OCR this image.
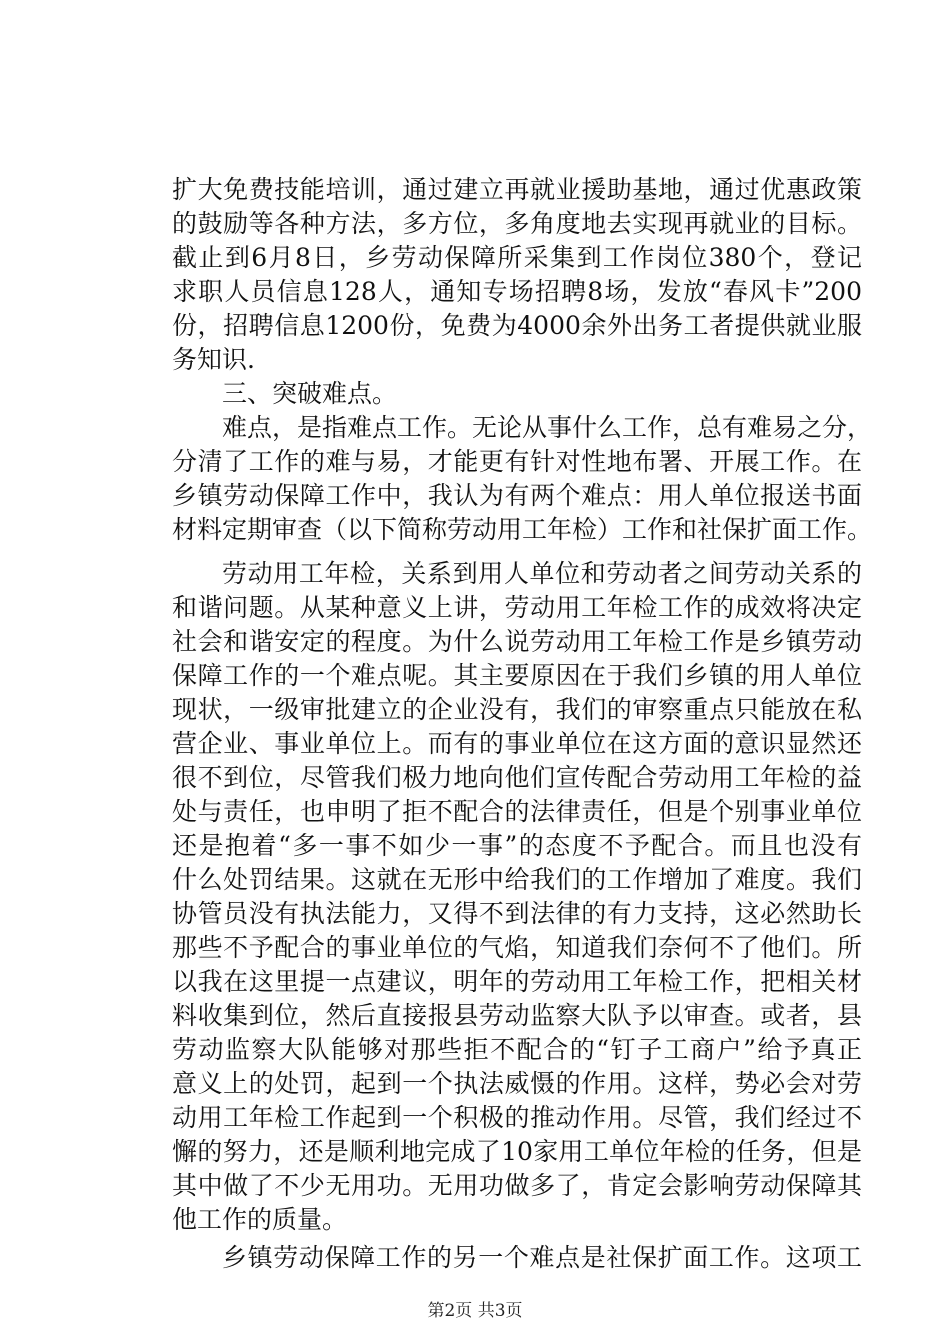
扩大免费技能培训，通过建立再就业援助基地，通过优惠政策
的鼓励等各种方法，多方位，多角度地去实现再就业的目标。
截止到6月8日，乡劳动保障所采集到工作岗位380个，登记
求职人员信息128人，通知专场招聘8场，发放“春风卡”200
份，招聘信息1200份，免费为4000余外出务工者提供就业服
务知识.
三、突破难点。
难点，是指难点工作。无论从事什么工作，总有难易之分，
分清了工作的难与易，才能更有针对性地布署、开展工作。在
乡镇劳动保障工作中，我认为有两个难点：用人单位报送书面
材料定期审查（以下简称劳动用工年检）工作和社保扩面工作。
劳动用工年检，关系到用人单位和劳动者之间劳动关系的
和谐问题。从某种意义上讲，劳动用工年检工作的成效将决定
社会和谐安定的程度。为什么说劳动用工年检工作是乡镇劳动
保障工作的一个难点呢。其主要原因在于我们乡镇的用人单位
现状，一级审批建立的企业没有，我们的审察重点只能放在私
营企业、事业单位上。而有的事业单位在这方面的意识显然还
很不到位，尽管我们极力地向他们宣传配合劳动用工年检的益
处与责任，也申明了拒不配合的法律责任，但是个别事业单位
还是抱着“多一事不如少一事”的态度不予配合。而且也没有
什么处罚结果。这就在无形中给我们的工作增加了难度。我们
协管员没有执法能力，又得不到法律的有力支持，这必然助长
那些不予配合的事业单位的气焰，知道我们奈何不了他们。所
以我在这里提一点建议，明年的劳动用工年检工作，把相关材
料收集到位，然后直接报县劳动监察大队予以审查。或者，县
劳动监察大队能够对那些拒不配合的“钉子工商户”给予真正
意义上的处罚，起到一个执法威慑的作用。这样，势必会对劳
动用工年检工作起到一个积极的推动作用。尽管，我们经过不
懈的努力，还是顺利地完成了10家用工单位年检的任务，但是
其中做了不少无用功。无用功做多了，肯定会影响劳动保障其
他工作的质量。
乡镇劳动保障工作的另一个难点是社保扩面工作。这项工
第2页 共3页
